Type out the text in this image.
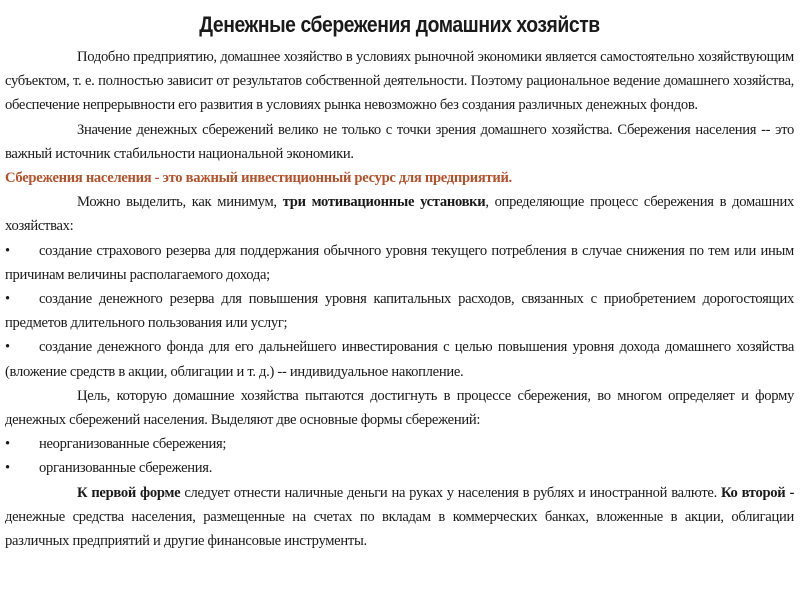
Денежные сбережения домашних хозяйств

Подобно предприятию, домашнее хозяйство в условиях рыночной экономики является самостоятельно хозяйствующим субъектом, т. е. полностью зависит от результатов собственной деятельности. Поэтому рациональное ведение домашнего хозяйства, обеспечение непрерывности его развития в условиях рынка невозможно без создания различных денежных фондов.

Значение денежных сбережений велико не только с точки зрения домашнего хозяйства. Сбережения населения -- это важный источник стабильности национальной экономики.

Сбережения населения - это важный инвестиционный ресурс для предприятий.

Можно выделить, как минимум, три мотивационные установки, определяющие процесс сбережения в домашних хозяйствах:

• создание страхового резерва для поддержания обычного уровня текущего потребления в случае снижения по тем или иным причинам величины располагаемого дохода;

• создание денежного резерва для повышения уровня капитальных расходов, связанных с приобретением дорогостоящих предметов длительного пользования или услуг;

• создание денежного фонда для его дальнейшего инвестирования с целью повышения уровня дохода домашнего хозяйства (вложение средств в акции, облигации и т. д.) -- индивидуальное накопление.

Цель, которую домашние хозяйства пытаются достигнуть в процессе сбережения, во многом определяет и форму денежных сбережений населения. Выделяют две основные формы сбережений:

• неорганизованные сбережения;

• организованные сбережения.

К первой форме следует отнести наличные деньги на руках у населения в рублях и иностранной валюте. Ко второй - денежные средства населения, размещенные на счетах по вкладам в коммерческих банках, вложенные в акции, облигации различных предприятий и другие финансовые инструменты.
